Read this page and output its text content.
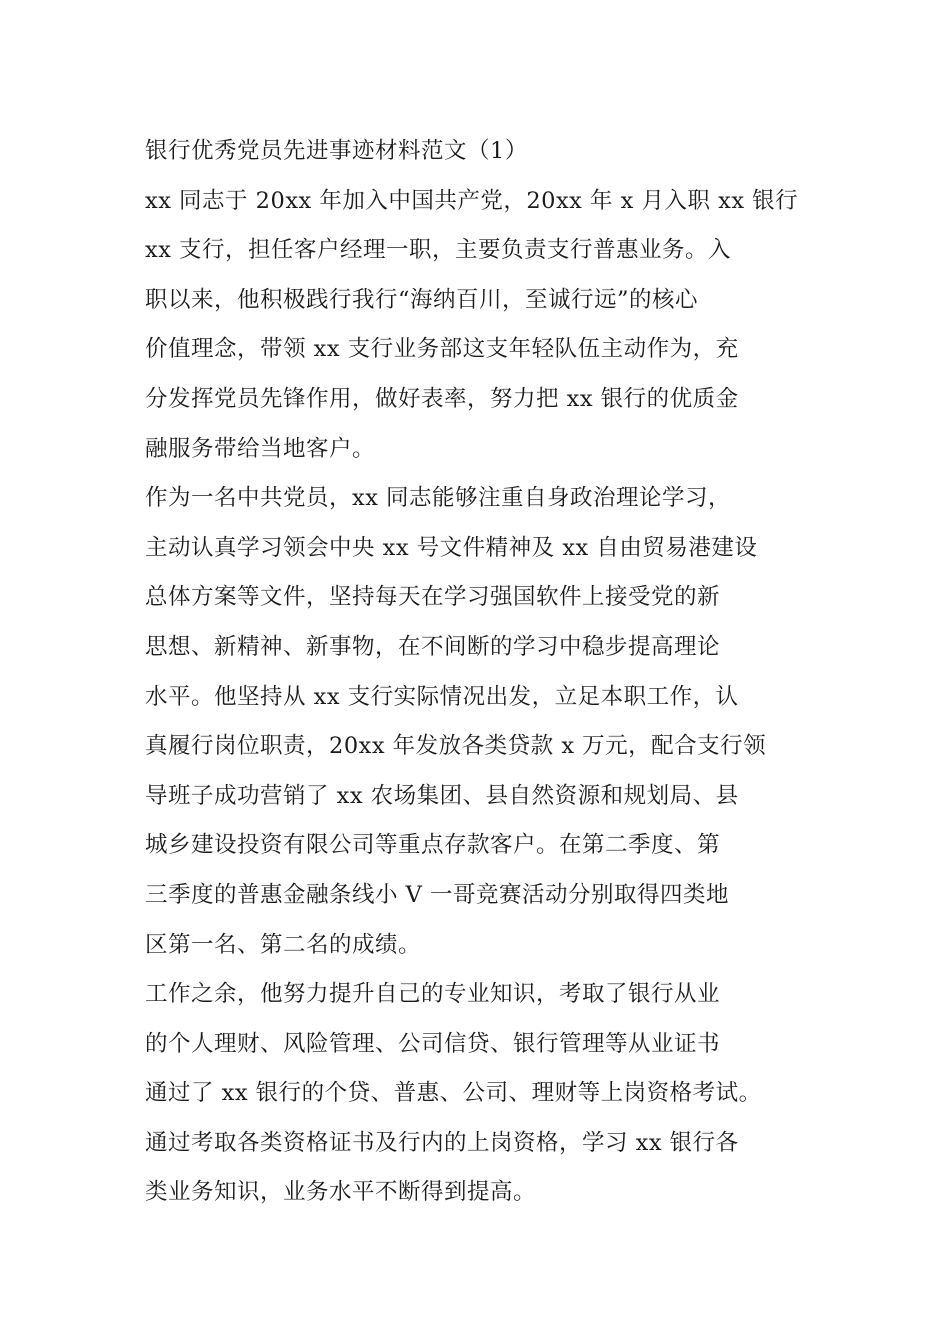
银行优秀党员先进事迹材料范文（1）
xx 同志于 20xx 年加入中国共产党，20xx 年 x 月入职 xx 银行
xx 支行，担任客户经理一职，主要负责支行普惠业务。入
职以来，他积极践行我行“海纳百川，至诚行远”的核心
价值理念，带领 xx 支行业务部这支年轻队伍主动作为，充
分发挥党员先锋作用，做好表率，努力把 xx 银行的优质金
融服务带给当地客户。
作为一名中共党员，xx 同志能够注重自身政治理论学习，
主动认真学习领会中央 xx 号文件精神及 xx 自由贸易港建设
总体方案等文件，坚持每天在学习强国软件上接受党的新
思想、新精神、新事物，在不间断的学习中稳步提高理论
水平。他坚持从 xx 支行实际情况出发，立足本职工作，认
真履行岗位职责，20xx 年发放各类贷款 x 万元，配合支行领
导班子成功营销了 xx 农场集团、县自然资源和规划局、县
城乡建设投资有限公司等重点存款客户。在第二季度、第
三季度的普惠金融条线小 V 一哥竞赛活动分别取得四类地
区第一名、第二名的成绩。
工作之余，他努力提升自己的专业知识，考取了银行从业
的个人理财、风险管理、公司信贷、银行管理等从业证书
通过了 xx 银行的个贷、普惠、公司、理财等上岗资格考试。
通过考取各类资格证书及行内的上岗资格，学习 xx 银行各
类业务知识，业务水平不断得到提高。
